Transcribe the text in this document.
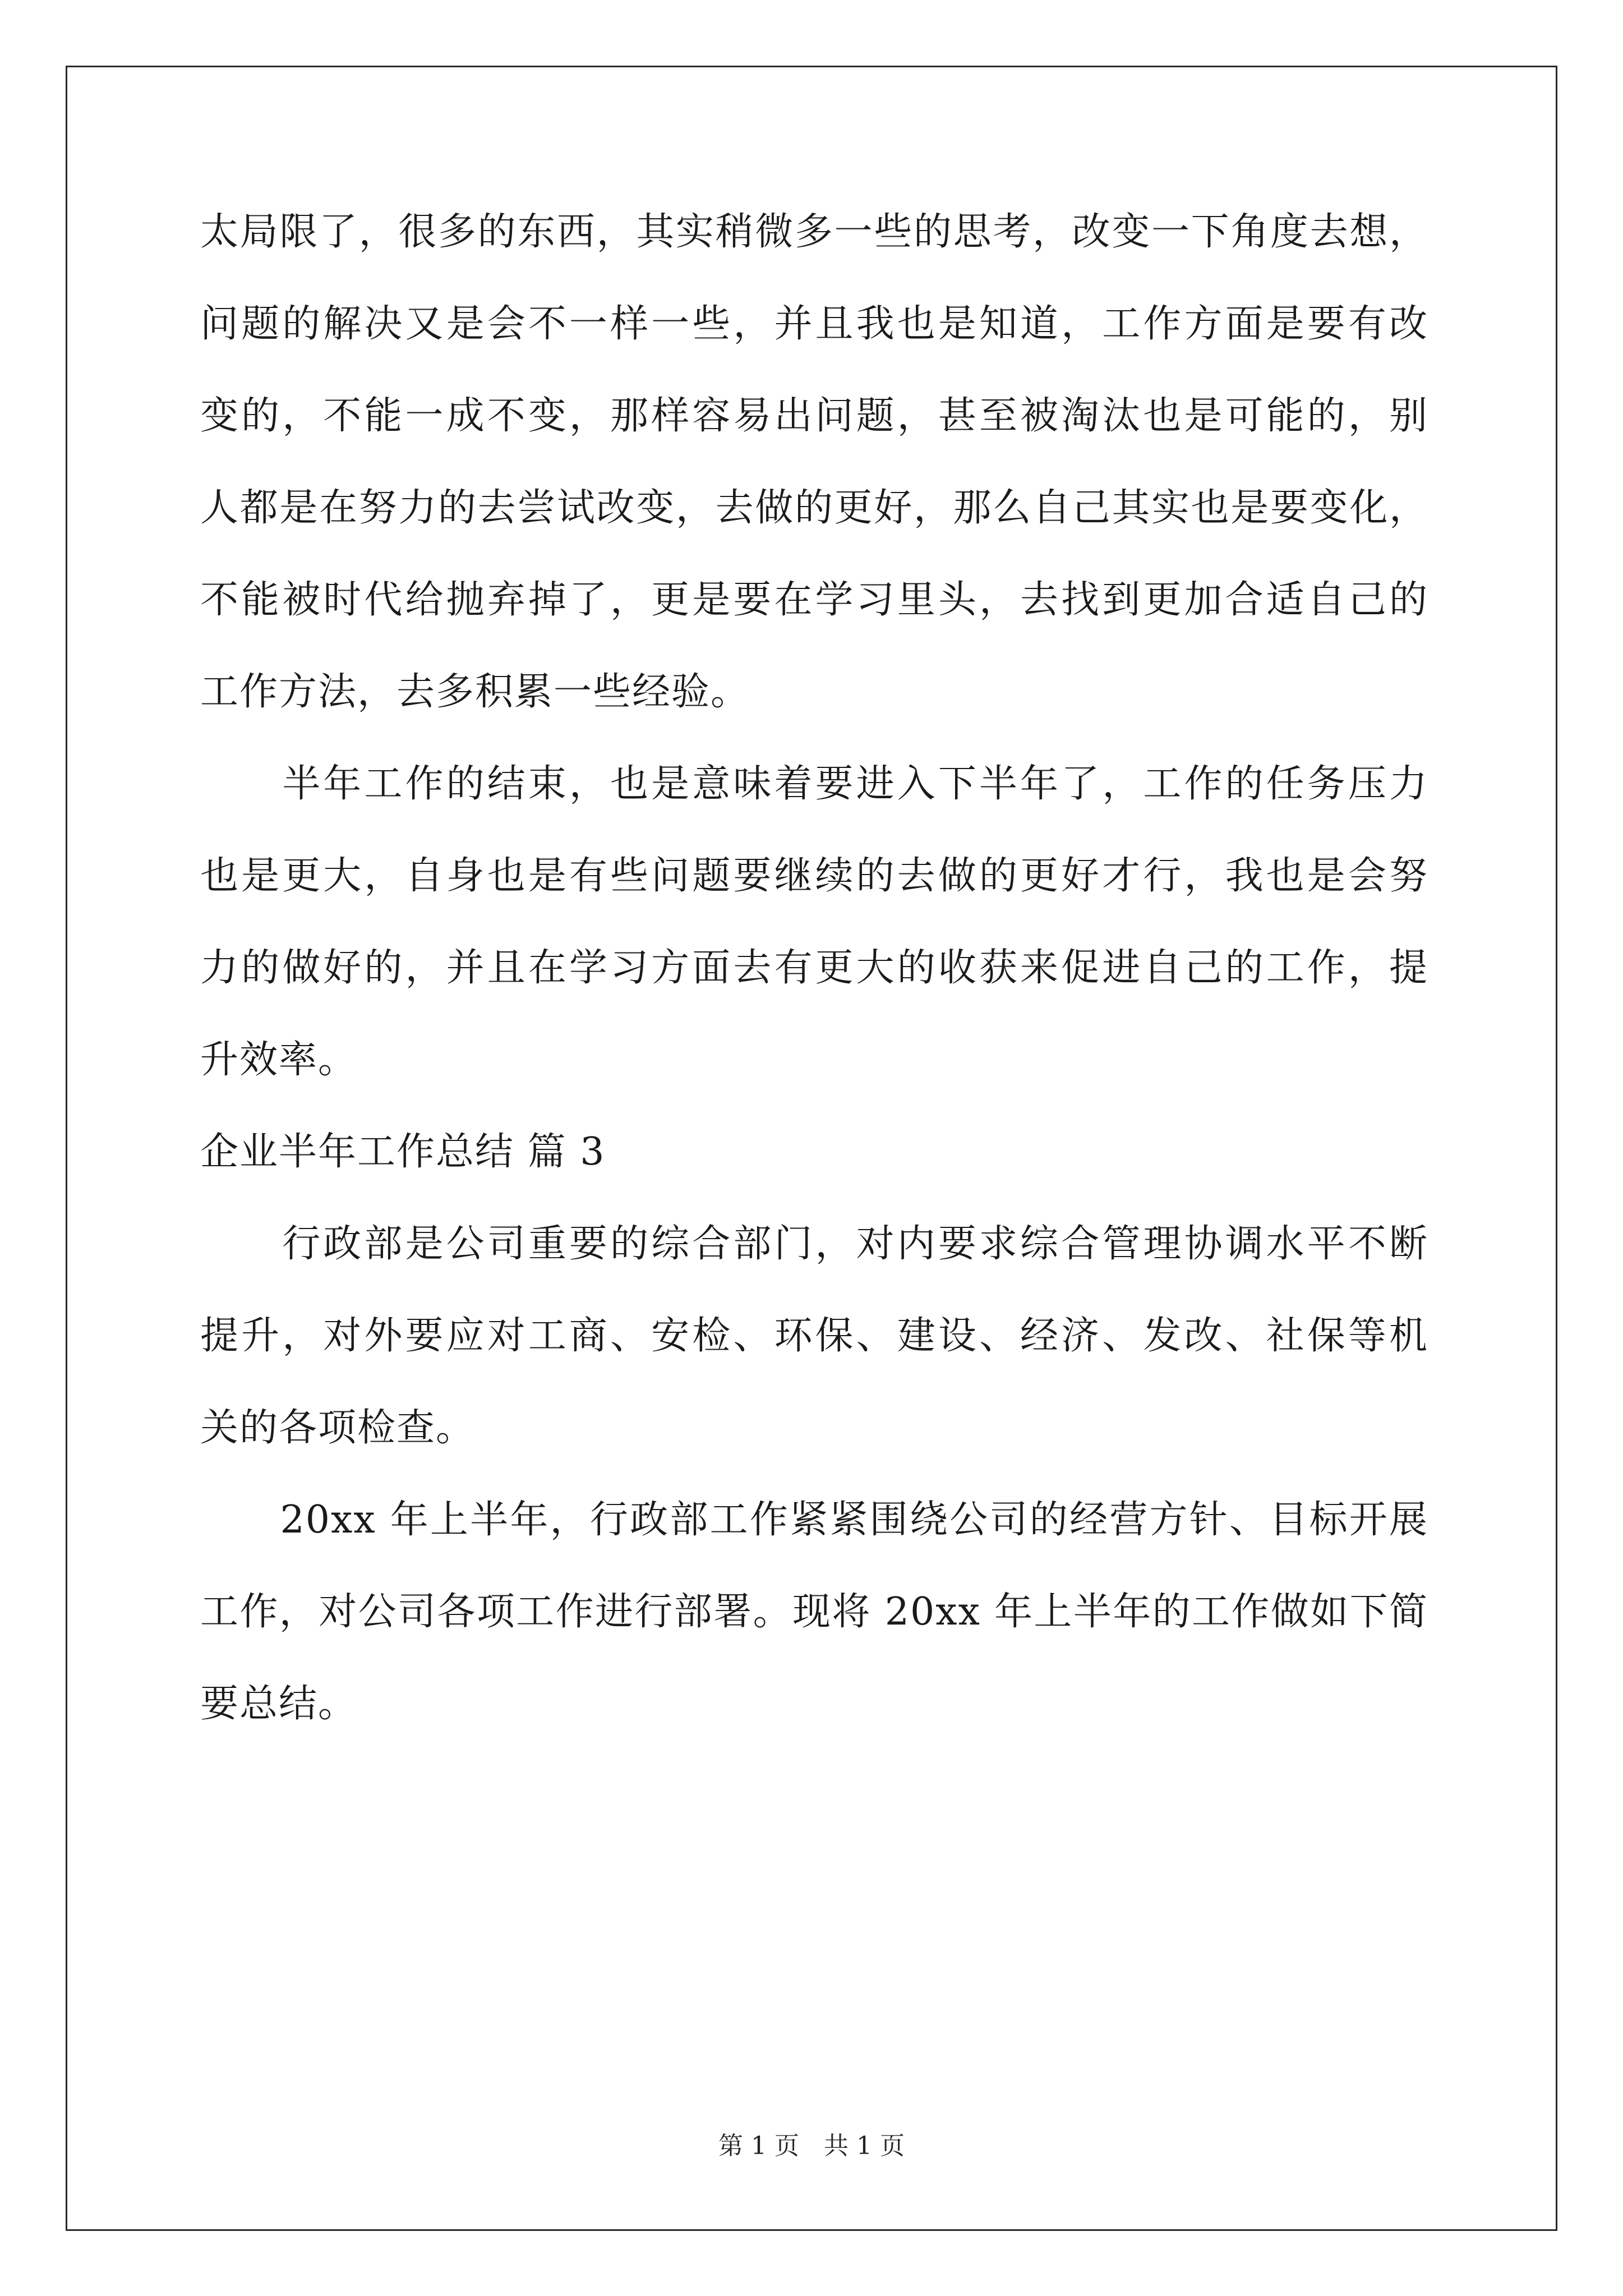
太局限了，很多的东西，其实稍微多一些的思考，改变一下角度去想，
问题的解决又是会不一样一些，并且我也是知道，工作方面是要有改
变的，不能一成不变，那样容易出问题，甚至被淘汰也是可能的，别
人都是在努力的去尝试改变，去做的更好，那么自己其实也是要变化，
不能被时代给抛弃掉了，更是要在学习里头，去找到更加合适自己的
工作方法，去多积累一些经验。
　　半年工作的结束，也是意味着要进入下半年了，工作的任务压力
也是更大，自身也是有些问题要继续的去做的更好才行，我也是会努
力的做好的，并且在学习方面去有更大的收获来促进自己的工作，提
升效率。
企业半年工作总结 篇 3
　　行政部是公司重要的综合部门，对内要求综合管理协调水平不断
提升，对外要应对工商、安检、环保、建设、经济、发改、社保等机
关的各项检查。
　　20xx 年上半年，行政部工作紧紧围绕公司的经营方针、目标开展
工作，对公司各项工作进行部署。现将 20xx 年上半年的工作做如下简
要总结。
第 1 页　共 1 页
